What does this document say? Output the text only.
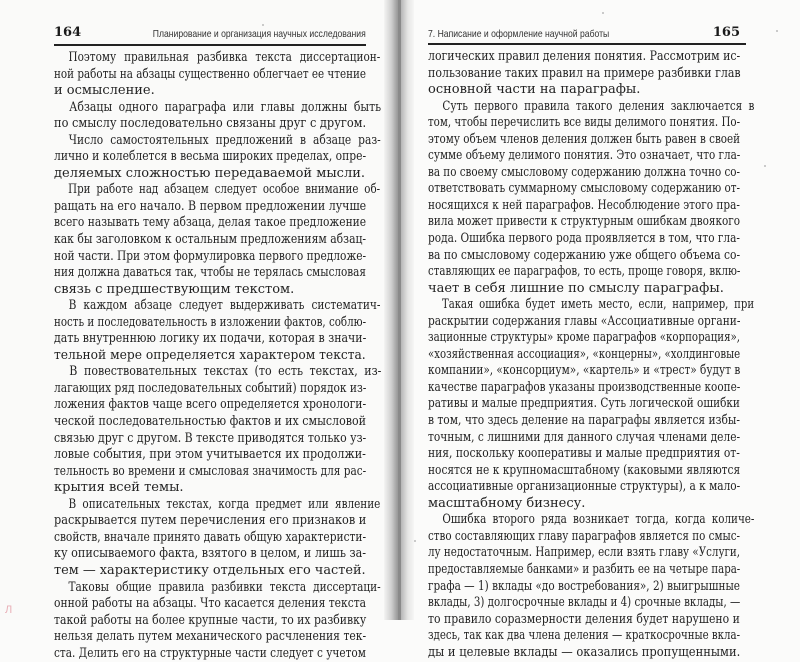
164	Планирование и организация научных исследования	7. Написание и оформление научной работы	165
Поэтому правильная разбивка текста диссертацион-
ной работы на абзацы существенно облегчает ее чтение
и осмысление.
Абзацы одного параграфа или главы должны быть
по смыслу последовательно связаны друг с другом.
Число самостоятельных предложений в абзаце раз-
лично и колеблется в весьма широких пределах, опре-
деляемых сложностью передаваемой мысли.
При работе над абзацем следует особое внимание об-
ращать на его начало. В первом предложении лучше
всего называть тему абзаца, делая такое предложение
как бы заголовком к остальным предложениям абзац-
ной части. При этом формулировка первого предложе-
ния должна даваться так, чтобы не терялась смысловая
связь с предшествующим текстом.
В каждом абзаце следует выдерживать систематич-
ность и последовательность в изложении фактов, соблю-
дать внутреннюю логику их подачи, которая в значи-
тельной мере определяется характером текста.
В повествовательных текстах (то есть текстах, из-
лагающих ряд последовательных событий) порядок из-
ложения фактов чаще всего определяется хронологи-
ческой последовательностью фактов и их смысловой
связью друг с другом. В тексте приводятся только уз-
ловые события, при этом учитывается их продолжи-
тельность во времени и смысловая значимость для рас-
крытия всей темы.
В описательных текстах, когда предмет или явление
раскрывается путем перечисления его признаков и
свойств, вначале принято давать общую характеристи-
ку описываемого факта, взятого в целом, и лишь за-
тем — характеристику отдельных его частей.
Таковы общие правила разбивки текста диссертаци-
онной работы на абзацы. Что касается деления текста
такой работы на более крупные части, то их разбивку
нельзя делать путем механического расчленения тек-
ста. Делить его на структурные части следует с учетом
логических правил деления понятия. Рассмотрим ис-
пользование таких правил на примере разбивки глав
основной части на параграфы.
Суть первого правила такого деления заключается в
том, чтобы перечислить все виды делимого понятия. По-
этому объем членов деления должен быть равен в своей
сумме объему делимого понятия. Это означает, что гла-
ва по своему смысловому содержанию должна точно со-
ответствовать суммарному смысловому содержанию от-
носящихся к ней параграфов. Несоблюдение этого пра-
вила может привести к структурным ошибкам двоякого
рода. Ошибка первого рода проявляется в том, что гла-
ва по смысловому содержанию уже общего объема со-
ставляющих ее параграфов, то есть, проще говоря, вклю-
чает в себя лишние по смыслу параграфы.
Такая ошибка будет иметь место, если, например, при
раскрытии содержания главы «Ассоциативные органи-
зационные структуры» кроме параграфов «корпорация»,
«хозяйственная ассоциация», «концерны», «холдинговые
компании», «консорциум», «картель» и «трест» будут в
качестве параграфов указаны производственные коопе-
ративы и малые предприятия. Суть логической ошибки
в том, что здесь деление на параграфы является избы-
точным, с лишними для данного случая членами деле-
ния, поскольку кооперативы и малые предприятия от-
носятся не к крупномасштабному (каковыми являются
ассоциативные организационные структуры), а к мало-
масштабному бизнесу.
Ошибка второго ряда возникает тогда, когда количе-
ство составляющих главу параграфов является по смыс-
лу недостаточным. Например, если взять главу «Услуги,
предоставляемые банками» и разбить ее на четыре пара-
графа — 1) вклады «до востребования», 2) выигрышные
вклады, 3) долгосрочные вклады и 4) срочные вклады, —
то правило соразмерности деления будет нарушено и
здесь, так как два члена деления — краткосрочные вкла-
ды и целевые вклады — оказались пропущенными.
Л
